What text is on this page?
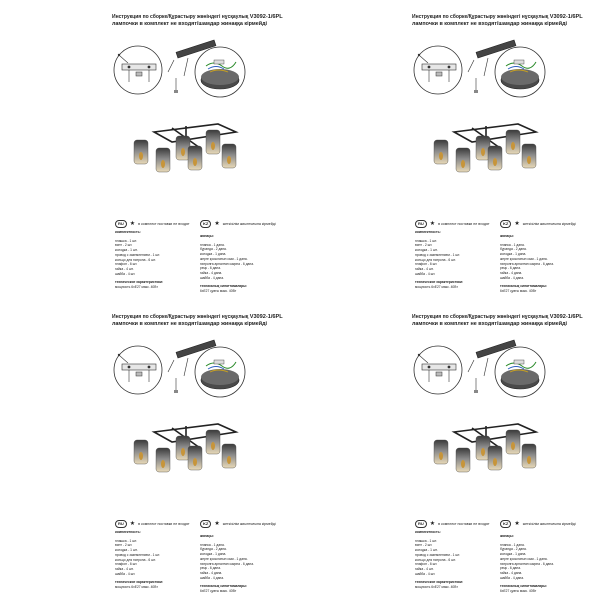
Инструкция по сборке/Құрастыру жөніндегі нұсқаулық V3092-1/6PL
лампочки в комплект не входят/шамдар жинаққа кірмейді
RU	★ в комплект поставки не входят	KZ	★ жеткізілім жиынтығына кірмейді
комплектность:
плашка - 1 шт.
винт - 2 шт.
колодка - 1 шт.
провод с заземлением - 1 шт.
кольцо для патрона - 6 шт.
плафон - 6 шт.
гайка - 4 шт.
шайба - 4 шт.
технические характеристики:
мощность 6xE27 макс. 40Вт
жинақы:
планка - 1 дана.
бұранда - 2 дана.
колодка - 1 дана.
жерге қосылатын сым - 1 дана.
патронға арналған сақина - 6 дана.
реңк - 6 дана.
гайка - 4 дана.
шайба - 4 дана.
техникалық сипаттамалары:
6xE27 қуаты макс. 40Вт
Инструкция по сборке/Құрастыру жөніндегі нұсқаулық V3092-1/6PL
лампочки в комплект не входят/шамдар жинаққа кірмейді
RU	★ в комплект поставки не входят	KZ	★ жеткізілім жиынтығына кірмейді
комплектность:
плашка - 1 шт.
винт - 2 шт.
колодка - 1 шт.
провод с заземлением - 1 шт.
кольцо для патрона - 6 шт.
плафон - 6 шт.
гайка - 4 шт.
шайба - 4 шт.
технические характеристики:
мощность 6xE27 макс. 40Вт
жинақы:
планка - 1 дана.
бұранда - 2 дана.
колодка - 1 дана.
жерге қосылатын сым - 1 дана.
патронға арналған сақина - 6 дана.
реңк - 6 дана.
гайка - 4 дана.
шайба - 4 дана.
техникалық сипаттамалары:
6xE27 қуаты макс. 40Вт
Инструкция по сборке/Құрастыру жөніндегі нұсқаулық V3092-1/6PL
лампочки в комплект не входят/шамдар жинаққа кірмейді
RU	★ в комплект поставки не входят	KZ	★ жеткізілім жиынтығына кірмейді
комплектность:
плашка - 1 шт.
винт - 2 шт.
колодка - 1 шт.
провод с заземлением - 1 шт.
кольцо для патрона - 6 шт.
плафон - 6 шт.
гайка - 4 шт.
шайба - 4 шт.
технические характеристики:
мощность 6xE27 макс. 40Вт
жинақы:
планка - 1 дана.
бұранда - 2 дана.
колодка - 1 дана.
жерге қосылатын сым - 1 дана.
патронға арналған сақина - 6 дана.
реңк - 6 дана.
гайка - 4 дана.
шайба - 4 дана.
техникалық сипаттамалары:
6xE27 қуаты макс. 40Вт
Инструкция по сборке/Құрастыру жөніндегі нұсқаулық V3092-1/6PL
лампочки в комплект не входят/шамдар жинаққа кірмейді
RU	★ в комплект поставки не входят	KZ	★ жеткізілім жиынтығына кірмейді
комплектность:
плашка - 1 шт.
винт - 2 шт.
колодка - 1 шт.
провод с заземлением - 1 шт.
кольцо для патрона - 6 шт.
плафон - 6 шт.
гайка - 4 шт.
шайба - 4 шт.
технические характеристики:
мощность 6xE27 макс. 40Вт
жинақы:
планка - 1 дана.
бұранда - 2 дана.
колодка - 1 дана.
жерге қосылатын сым - 1 дана.
патронға арналған сақина - 6 дана.
реңк - 6 дана.
гайка - 4 дана.
шайба - 4 дана.
техникалық сипаттамалары:
6xE27 қуаты макс. 40Вт
